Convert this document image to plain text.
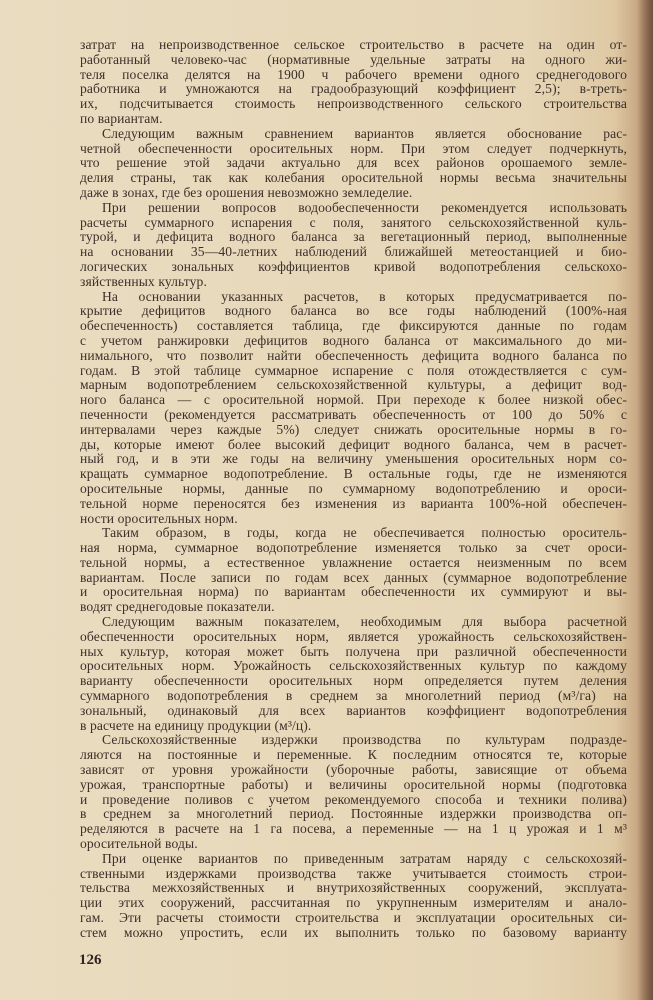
затрат на непроизводственное сельское строительство в расчете на один от-
работанный человеко-час (нормативные удельные затраты на одного жи-
теля поселка делятся на 1900 ч рабочего времени одного среднегодового
работника и умножаются на градообразующий коэффициент 2,5); в-треть-
их, подсчитывается стоимость непроизводственного сельского строительства
по вариантам.
Следующим важным сравнением вариантов является обоснование рас-
четной обеспеченности оросительных норм. При этом следует подчеркнуть,
что решение этой задачи актуально для всех районов орошаемого земле-
делия страны, так как колебания оросительной нормы весьма значительны
даже в зонах, где без орошения невозможно земледелие.
При решении вопросов водообеспеченности рекомендуется использовать
расчеты суммарного испарения с поля, занятого сельскохозяйственной куль-
турой, и дефицита водного баланса за вегетационный период, выполненные
на основании 35—40-летних наблюдений ближайшей метеостанцией и био-
логических зональных коэффициентов кривой водопотребления сельскохо-
зяйственных культур.
На основании указанных расчетов, в которых предусматривается по-
крытие дефицитов водного баланса во все годы наблюдений (100%-ная
обеспеченность) составляется таблица, где фиксируются данные по годам
с учетом ранжировки дефицитов водного баланса от максимального до ми-
нимального, что позволит найти обеспеченность дефицита водного баланса по
годам. В этой таблице суммарное испарение с поля отождествляется с сум-
марным водопотреблением сельскохозяйственной культуры, а дефицит вод-
ного баланса — с оросительной нормой. При переходе к более низкой обес-
печенности (рекомендуется рассматривать обеспеченность от 100 до 50% с
интервалами через каждые 5%) следует снижать оросительные нормы в го-
ды, которые имеют более высокий дефицит водного баланса, чем в расчет-
ный год, и в эти же годы на величину уменьшения оросительных норм со-
кращать суммарное водопотребление. В остальные годы, где не изменяются
оросительные нормы, данные по суммарному водопотреблению и ороси-
тельной норме переносятся без изменения из варианта 100%-ной обеспечен-
ности оросительных норм.
Таким образом, в годы, когда не обеспечивается полностью ороситель-
ная норма, суммарное водопотребление изменяется только за счет ороси-
тельной нормы, а естественное увлажнение остается неизменным по всем
вариантам. После записи по годам всех данных (суммарное водопотребление
и оросительная норма) по вариантам обеспеченности их суммируют и вы-
водят среднегодовые показатели.
Следующим важным показателем, необходимым для выбора расчетной
обеспеченности оросительных норм, является урожайность сельскохозяйствен-
ных культур, которая может быть получена при различной обеспеченности
оросительных норм. Урожайность сельскохозяйственных культур по каждому
варианту обеспеченности оросительных норм определяется путем деления
суммарного водопотребления в среднем за многолетний период (м³/га) на
зональный, одинаковый для всех вариантов коэффициент водопотребления
в расчете на единицу продукции (м³/ц).
Сельскохозяйственные издержки производства по культурам подразде-
ляются на постоянные и переменные. К последним относятся те, которые
зависят от уровня урожайности (уборочные работы, зависящие от объема
урожая, транспортные работы) и величины оросительной нормы (подготовка
и проведение поливов с учетом рекомендуемого способа и техники полива)
в среднем за многолетний период. Постоянные издержки производства оп-
ределяются в расчете на 1 га посева, а переменные — на 1 ц урожая и 1 м³
оросительной воды.
При оценке вариантов по приведенным затратам наряду с сельскохозяй-
ственными издержками производства также учитывается стоимость строи-
тельства межхозяйственных и внутрихозяйственных сооружений, эксплуата-
ции этих сооружений, рассчитанная по укрупненным измерителям и анало-
гам. Эти расчеты стоимости строительства и эксплуатации оросительных си-
стем можно упростить, если их выполнить только по базовому варианту
126
